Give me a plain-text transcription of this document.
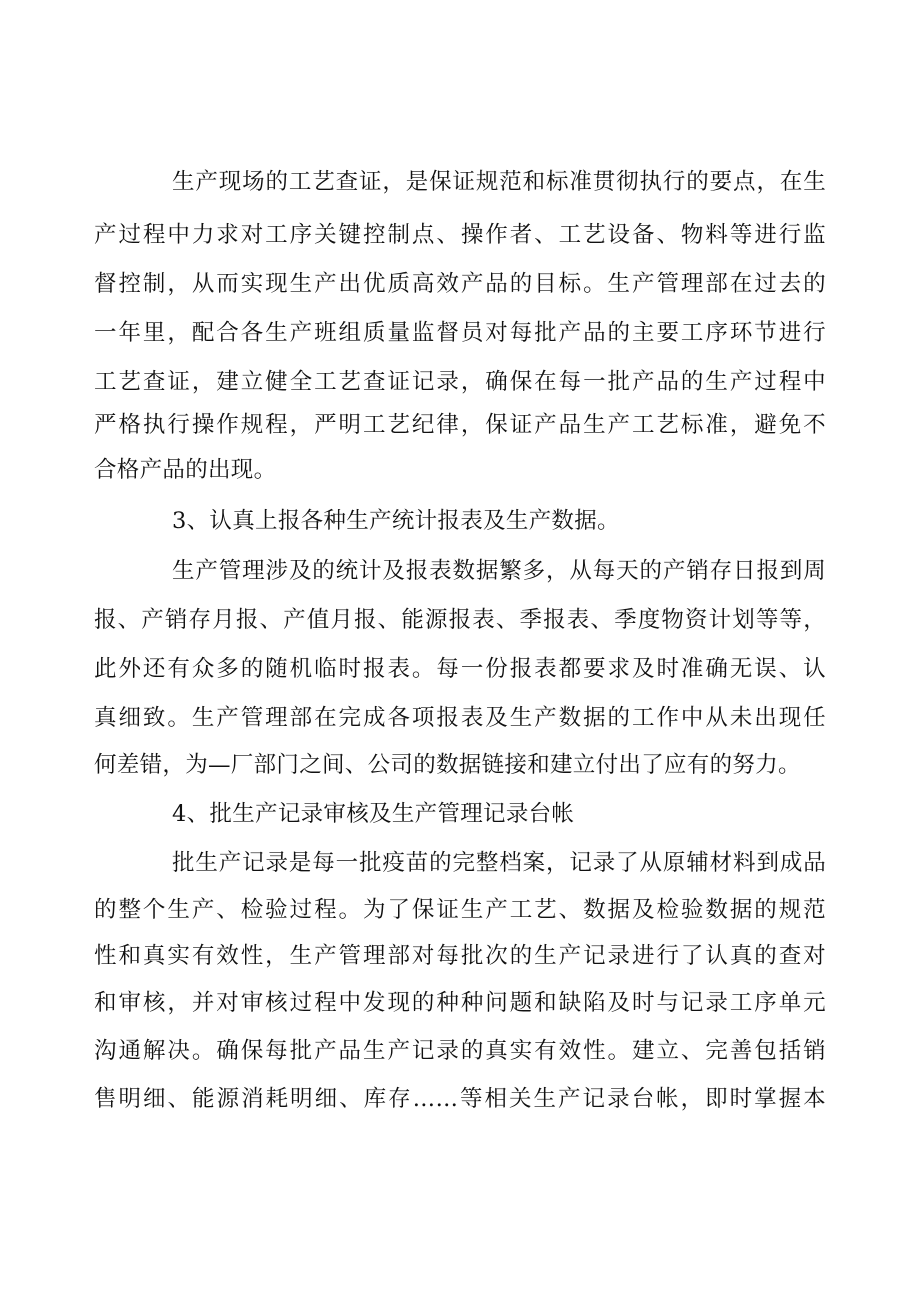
生产现场的工艺查证，是保证规范和标准贯彻执行的要点，在生
产过程中力求对工序关键控制点、操作者、工艺设备、物料等进行监
督控制，从而实现生产出优质高效产品的目标。生产管理部在过去的
一年里，配合各生产班组质量监督员对每批产品的主要工序环节进行
工艺查证，建立健全工艺查证记录，确保在每一批产品的生产过程中
严格执行操作规程，严明工艺纪律，保证产品生产工艺标准，避免不
合格产品的出现。
3、认真上报各种生产统计报表及生产数据。
生产管理涉及的统计及报表数据繁多，从每天的产销存日报到周
报、产销存月报、产值月报、能源报表、季报表、季度物资计划等等，
此外还有众多的随机临时报表。每一份报表都要求及时准确无误、认
真细致。生产管理部在完成各项报表及生产数据的工作中从未出现任
何差错，为—厂部门之间、公司的数据链接和建立付出了应有的努力。
4、批生产记录审核及生产管理记录台帐
批生产记录是每一批疫苗的完整档案，记录了从原辅材料到成品
的整个生产、检验过程。为了保证生产工艺、数据及检验数据的规范
性和真实有效性，生产管理部对每批次的生产记录进行了认真的查对
和审核，并对审核过程中发现的种种问题和缺陷及时与记录工序单元
沟通解决。确保每批产品生产记录的真实有效性。建立、完善包括销
售明细、能源消耗明细、库存……等相关生产记录台帐，即时掌握本
